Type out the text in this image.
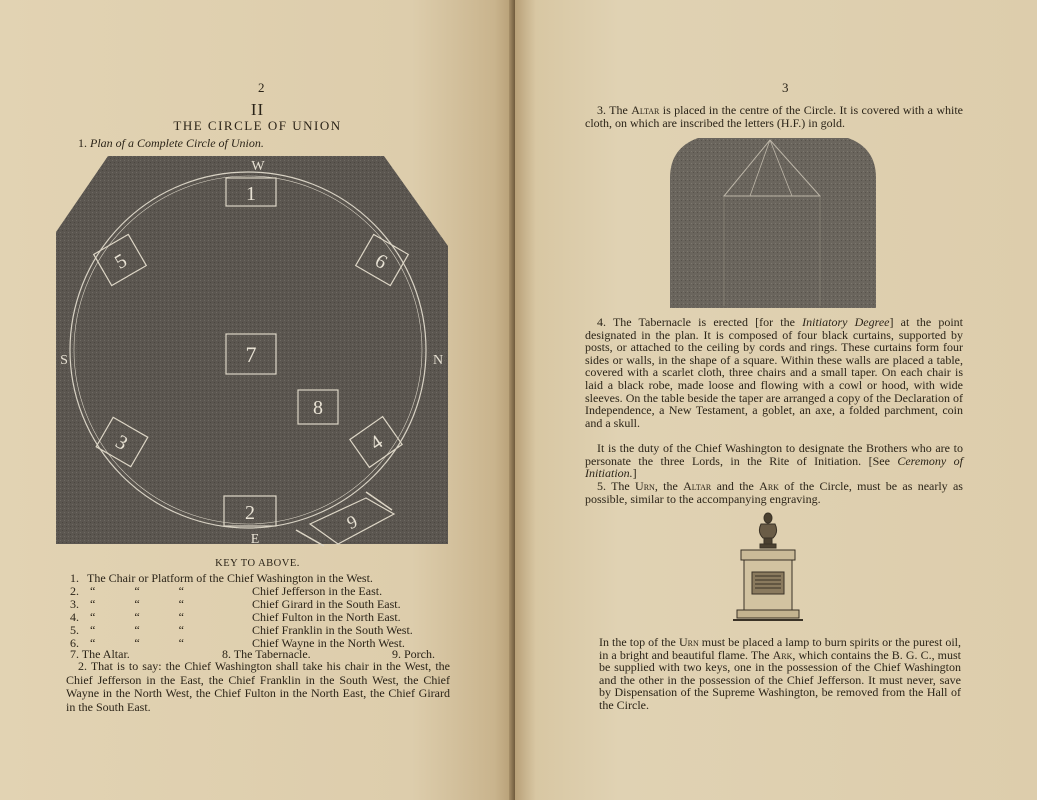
2
II
THE CIRCLE OF UNION
1. Plan of a Complete Circle of Union.
W
S	N
E
1
2
5	6
7
8
3	4
9
KEY TO ABOVE.
1. The Chair or Platform of the Chief Washington in the West.
2. “ “ “	Chief Jefferson in the East.
3. “ “ “	Chief Girard in the South East.
4. “ “ “	Chief Fulton in the North East.
5. “ “ “	Chief Franklin in the South West.
6. “ “ “	Chief Wayne in the North West.
7. The Altar.	8. The Tabernacle.	9. Porch.
2. That is to say: the Chief Washington shall take his chair in the West, the Chief Jefferson in the East, the Chief Franklin in the South West, the Chief Wayne in the North West, the Chief Fulton in the North East, the Chief Girard in the South East.
3
3. The Altar is placed in the centre of the Circle. It is covered with a white cloth, on which are inscribed the letters (H.F.) in gold.
4. The Tabernacle is erected [for the Initiatory Degree] at the point designated in the plan. It is composed of four black curtains, supported by posts, or attached to the ceiling by cords and rings. These curtains form four sides or walls, in the shape of a square. Within these walls are placed a table, covered with a scarlet cloth, three chairs and a small taper. On each chair is laid a black robe, made loose and flowing with a cowl or hood, with wide sleeves. On the table beside the taper are arranged a copy of the Declaration of Independence, a New Testament, a goblet, an axe, a folded parchment, coin and a skull.
It is the duty of the Chief Washington to designate the Brothers who are to personate the three Lords, in the Rite of Initiation. [See Ceremony of Initiation.]
5. The Urn, the Altar and the Ark of the Circle, must be as nearly as possible, similar to the accompanying engraving.
In the top of the Urn must be placed a lamp to burn spirits or the purest oil, in a bright and beautiful flame. The Ark, which contains the B. G. C., must be supplied with two keys, one in the possession of the Chief Washington and the other in the possession of the Chief Jefferson. It must never, save by Dispensation of the Supreme Washington, be removed from the Hall of the Circle.
